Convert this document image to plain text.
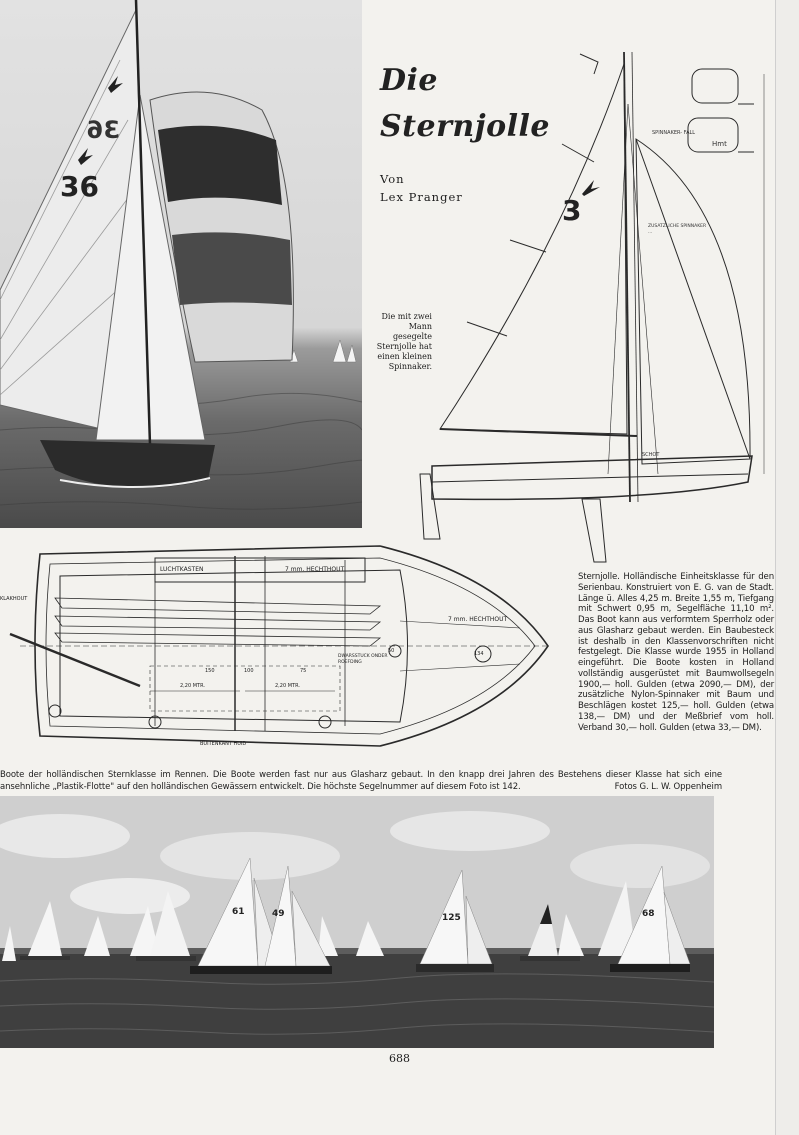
36
36
Die
Sternjolle
Von
Lex Pranger
Die mit zwei Mann gesegelte Sternjolle hat einen kleinen Spinnaker.
3
SPINNAKER- FALL
Hmt
ZUSATZLICHE SPINNAKER ...
SCHOT
LUCHTKASTEN	7 mm. HECHTHOUT
7 mm. HECHTHOUT
DWARSSTUCK ONDER ROEFDING
BUITENKANT HUID
KLAKHOUT
2,20 MTR.	2,20 MTR.
150
134
100
50
75
Sternjolle. Holländische Einheitsklasse für den Serienbau. Konstruiert von E. G. van de Stadt. Länge ü. Alles 4,25 m. Breite 1,55 m, Tiefgang mit Schwert 0,95 m, Segelfläche 11,10 m². Das Boot kann aus verformtem Sperrholz oder aus Glasharz gebaut werden. Ein Baubesteck ist deshalb in den Klassenvorschriften nicht festgelegt. Die Klasse wurde 1955 in Holland eingeführt. Die Boote kosten in Holland vollständig ausgerüstet mit Baumwollsegeln 1900,— holl. Gulden (etwa 2090,— DM), der zusätzliche Nylon-Spinnaker mit Baum und Beschlägen kostet 125,— holl. Gulden (etwa 138,— DM) und der Meßbrief vom holl. Verband 30,— holl. Gulden (etwa 33,— DM).
Boote der holländischen Sternklasse im Rennen. Die Boote werden fast nur aus Glasharz gebaut. In den knapp drei Jahren des Bestehens dieser Klasse hat sich eine ansehnliche „Plastik-Flotte" auf den holländischen Gewässern entwickelt. Die höchste Segelnummer auf diesem Foto ist 142.	Fotos G. L. W. Oppenheim
61	49	125	68
688
